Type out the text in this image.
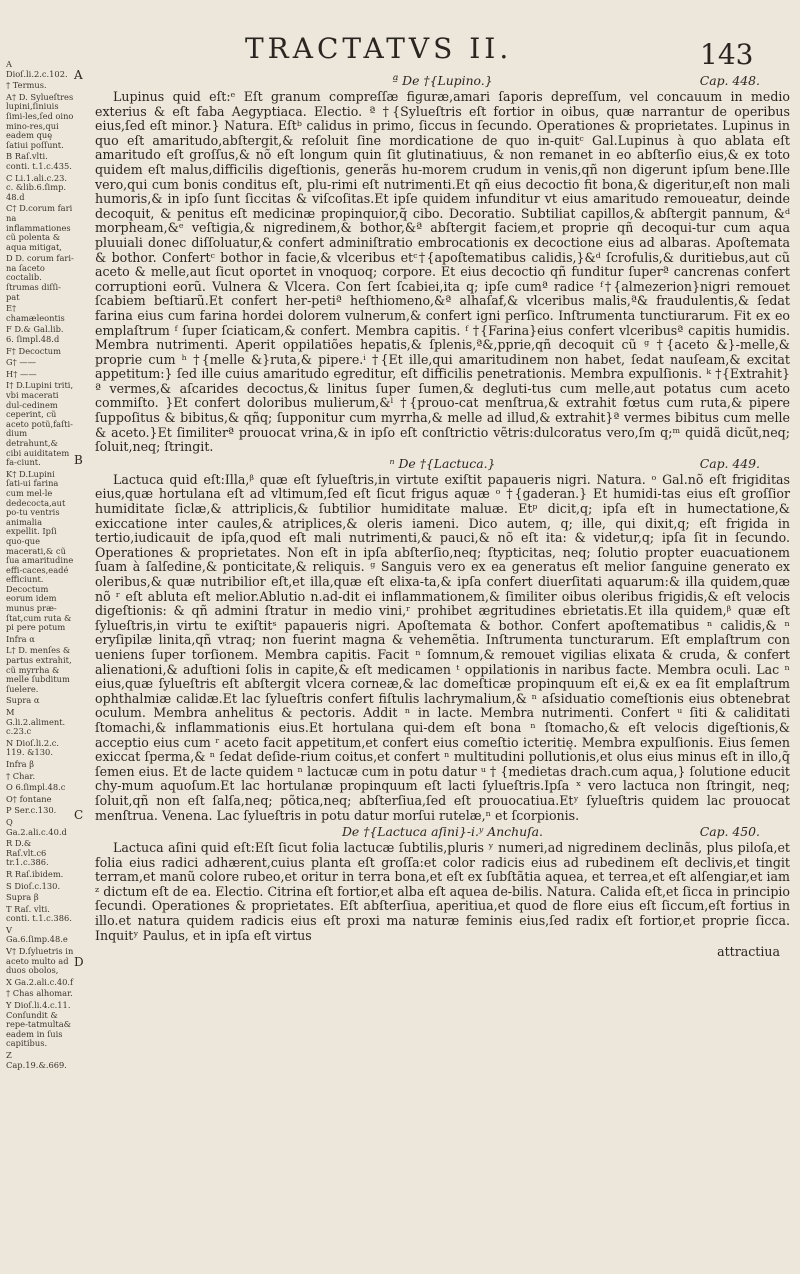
TRACTATVS II.	143
A Dioſ.li.2.c.102.
† Termus.
A† D. Sylueſtres lupini,ſiniuis ſimi-les,ſed oino mino-res,qui eadem quę ſatiui poſſunt.
B Raſ.vlti. conti. t.1.c.435.
C Li.1.ali.c.23. c. &lib.6.ſimp. 48.d
C† D.corum fari na inflammationes cũ polenta & aqua mitigat,
D D. corum fari-na ſaceto coctalib. ſtrumas diſſi-pat
E† chamæleontis
F D.& Gal.lib. 6. ſimpl.48.d
F† Decoctum
G† ——
H† ——
I† D.Lupini triti, vbi macerati dul-cedinem ceperint, cũ aceto potũ,faſti-dium detrahunt,& cibi auiditatem fa-ciunt.
K† D.Lupini ſati-ui farina cum mel-le dedecocta,aut po-tu ventris animalia expellit. Ipſi quo-que macerati,& cũ ſua amaritudine effi-caces,eadé efficiunt. Decoctum eorum idem munus præ-ſtat,cum ruta & pi pere potum
Infra α
L† D. menſes & partus extrahit, cũ myrrha & melle ſubditum ſuelere.
Supra α
M G.li.2.aliment. c.23.c
N Dioſ.li.2.c. 119. &130.
Infra β
† Char.
O 6.ſimpl.48.c
O† fontane
P Ser.c.130.
Q Ga.2.ali.c.40.d
R D.& Raſ.vlt.c6 tr.1.c.386.
R Raſ.ibidem.
S Dioſ.c.130.
Supra β
T Raſ. vlti. conti. t.1.c.386.
V Ga.6.ſimp.48.e
V† D.ſyluetris in aceto multo ad duos obolos,
X Ga.2.ali.c.40.f
† Chas alhomar.
Y Dioſ.li.4.c.11. Conſundit & repe-tatmulta& eadem in ſuis capitibus.
Z Cap.19.&.669.
ª De †{Lupino.}	Cap. 448.

Lupinus quid eſt:ᵉ Eſt granum compreſſæ figuræ,amari ſaporis depreſſum, vel concauum in medio exterius & eſt faba Aegyptiaca. Electio. ª †{Sylueſtris eſt fortior in oibus, quæ narrantur de operibus eius,ſed eſt minor.} Natura. Eſtᵇ calidus in primo, ſiccus in ſecundo. Operationes & proprietates. Lupinus in quo eſt amaritudo,abſtergit,& reſoluit ſine mordicatione de quo in-quitᶜ Gal.Lupinus à quo ablata eſt amaritudo eſt groſſus,& nõ eſt longum quin ſit glutinatiuus, & non remanet in eo abſterſio eius,& ex toto quidem eſt malus,difficilis digeſtionis, generãs hu-morem crudum in venis,qñ non digerunt ipſum bene.Ille vero,qui cum bonis conditus eſt, plu-rimi eſt nutrimenti.Et qñ eius decoctio fit bona,& digeritur,eſt non mali humoris,& in ipſo ſunt ſiccitas & viſcoſitas.Et ipſe quidem infunditur vt eius amaritudo remoueatur, deinde decoquit, & penitus eſt medicinæ propinquior,q̃ cibo. Decoratio. Subtiliat capillos,& abſtergit pannum, &ᵈ morpheam,&ᵉ veſtigia,& nigredinem,& bothor,&ª abſtergit faciem,et proprie qñ decoqui-tur cum aqua pluuiali donec diſſoluatur,& confert adminiſtratio embrocationis ex decoctione eius ad albaras. Apoſtemata & bothor. Confertᶜ bothor in facie,& vlceribus etᶜ†{apoſtematibus calidis,}&ᵈ ſcrofulis,& duritiebus,aut cũ aceto & melle,aut ſicut oportet in vnoquoq; corpore. Et eius decoctio qñ funditur ſuperª cancrenas confert corruptioni eorũ. Vulnera & Vlcera. Con ſert ſcabiei,ita q; ipſe cumª radice ᶠ†{almezerion}nigri remouet ſcabiem beſtiarũ.Et confert her-petiª heſthiomeno,&ª alhaſaf,& vlceribus malis,ª& fraudulentis,& ſedat farina eius cum farina hordei dolorem vulnerum,& confert igni perſico. Inſtrumenta tunctiurarum. Fit ex eo emplaſtrum ᶠ ſuper ſciaticam,& confert. Membra capitis. ᶠ †{Farina}eius confert vlceribusª capitis humidis. Membra nutrimenti. Aperit oppilatiões hepatis,& ſplenis,ª&,pprie,qñ decoquit cũ ᵍ †{aceto &}-melle,& proprie cum ʰ †{melle &}ruta,& pipere.ⁱ †{Et ille,qui amaritudinem non habet, ſedat nauſeam,& excitat appetitum:} ſed ille cuius amaritudo egreditur, eſt difficilis penetrationis. Membra expulſionis. ᵏ †{Extrahit}ª vermes,& aſcarides decoctus,& linitus ſuper ſumen,& degluti-tus cum melle,aut potatus cum aceto commiſto. }Et confert doloribus mulierum,&ˡ †{prouo-cat menſtrua,& extrahit fœtus cum ruta,& pipere ſuppoſitus & bibitus,& qñq; ſupponitur cum myrrha,& melle ad illud,& extrahit}ª vermes bibitus cum melle & aceto.}Et ſimiliterª prouocat vrina,& in ipſo eſt conſtrictio vẽtris:dulcoratus vero,ſm q;ᵐ quidã dicũt,neq; ſoluit,neq; ſtringit.

ⁿ De †{Lactuca.}	Cap. 449.

Lactuca quid eſt:Illa,ᵝ quæ eſt ſylueſtris,in virtute exiſtit papaueris nigri. Natura. ᵒ Gal.nõ eſt frigiditas eius,quæ hortulana eſt ad vltimum,ſed eſt ſicut frigus aquæ ᵒ †{gaderan.} Et humidi-tas eius eſt groſſior humiditate ſiclæ,& attriplicis,& ſubtilior humiditate maluæ. Etᵖ dicit,q; ipſa eſt in humectatione,& exiccatione inter caules,& atriplices,& oleris iameni. Dico autem, q; ille, qui dixit,q; eſt frigida in tertio,iudicauit de ipſa,quod eſt mali nutrimenti,& pauci,& nõ eſt ita: & videtur,q; ipſa ſit in ſecundo. Operationes & proprietates. Non eſt in ipſa abſterſio,neq; ſtypticitas, neq; ſolutio propter euacuationem ſuam à ſalſedine,& ponticitate,& reliquis. ᵍ Sanguis vero ex ea generatus eſt melior ſanguine generato ex oleribus,& quæ nutribilior eſt,et illa,quæ eſt elixa-ta,& ipſa confert diuerſitati aquarum:& illa quidem,quæ nõ ʳ eſt abluta eſt melior.Ablutio n.ad-dit ei inflammationem,& ſimiliter oibus oleribus frigidis,& eſt velocis digeſtionis: & qñ admini ſtratur in medio vini,ʳ prohibet ægritudines ebrietatis.Et illa quidem,ᵝ quæ eſt ſylueſtris,in virtu te exiſtitˢ papaueris nigri. Apoſtemata & bothor. Confert apoſtematibus ⁿ calidis,& ⁿ eryſipilæ linita,qñ vtraq; non fuerint magna & vehemẽtia. Inſtrumenta tuncturarum. Eſt emplaſtrum con ueniens ſuper torſionem. Membra capitis. Facit ⁿ ſomnum,& remouet vigilias elixata & cruda, & confert alienationi,& aduſtioni ſolis in capite,& eſt medicamen ᵗ oppilationis in naribus facte. Membra oculi. Lac ⁿ eius,quæ ſylueſtris eſt abſtergit vlcera corneæ,& lac domeſticæ propinquum eſt ei,& ex ea ſit emplaſtrum ophthalmiæ calidæ.Et lac ſylueſtris confert fiſtulis lachrymalium,& ⁿ aſsiduatio comeſtionis eius obtenebrat oculum. Membra anhelitus & pectoris. Addit ⁿ in lacte. Membra nutrimenti. Confert ᵘ ſiti & caliditati ſtomachi,& inflammationis eius.Et hortulana qui-dem eſt bona ⁿ ſtomacho,& eſt velocis digeſtionis,& acceptio eius cum ʳ aceto facit appetitum,et confert eius comeſtio icteritię. Membra expulſionis. Eius ſemen exiccat ſperma,& ⁿ ſedat deſide-rium coitus,et confert ⁿ multitudini pollutionis,et olus eius minus eſt in illo,q̃ ſemen eius. Et de lacte quidem ⁿ lactucæ cum in potu datur ᵘ † {medietas drach.cum aqua,} ſolutione educit chy-mum aquoſum.Et lac hortulanæ propinquum eſt lacti ſylueſtris.Ipſa ˣ vero lactuca non ſtringit, neq; ſoluit,qñ non eſt ſalſa,neq; põtica,neq; abſterſiua,ſed eſt prouocatiua.Etʸ ſylueſtris quidem lac prouocat menſtrua. Venena. Lac ſylueſtris in potu datur morſui rutelæ,ⁿ et ſcorpionis.

De †{Lactuca aſini}-i.ʸ Anchuſa.	Cap. 450.

Lactuca aſini quid eſt:Eſt ſicut folia lactucæ ſubtilis,pluris ʸ numeri,ad nigredinem declinãs, plus piloſa,et folia eius radici adhærent,cuius planta eſt groſſa:et color radicis eius ad rubedinem eſt declivis,et tingit terram,et manũ colore rubeo,et oritur in terra bona,et eſt ex ſubſtãtia aquea, et terrea,et eſt alſengiar,et iam ᶻ dictum eſt de ea. Electio. Citrina eſt fortior,et alba eſt aquea de-bilis. Natura. Calida eſt,et ſicca in principio ſecundi. Operationes & proprietates. Eſt abſterſiua, aperitiua,et quod de flore eius eſt ſiccum,eſt fortius in illo.et natura quidem radicis eius eſt proxi ma naturæ feminis eius,ſed radix eſt fortior,et proprie ſicca. Inquitʸ Paulus, et in ipſa eſt virtus

attractiua
A
B
C
D
